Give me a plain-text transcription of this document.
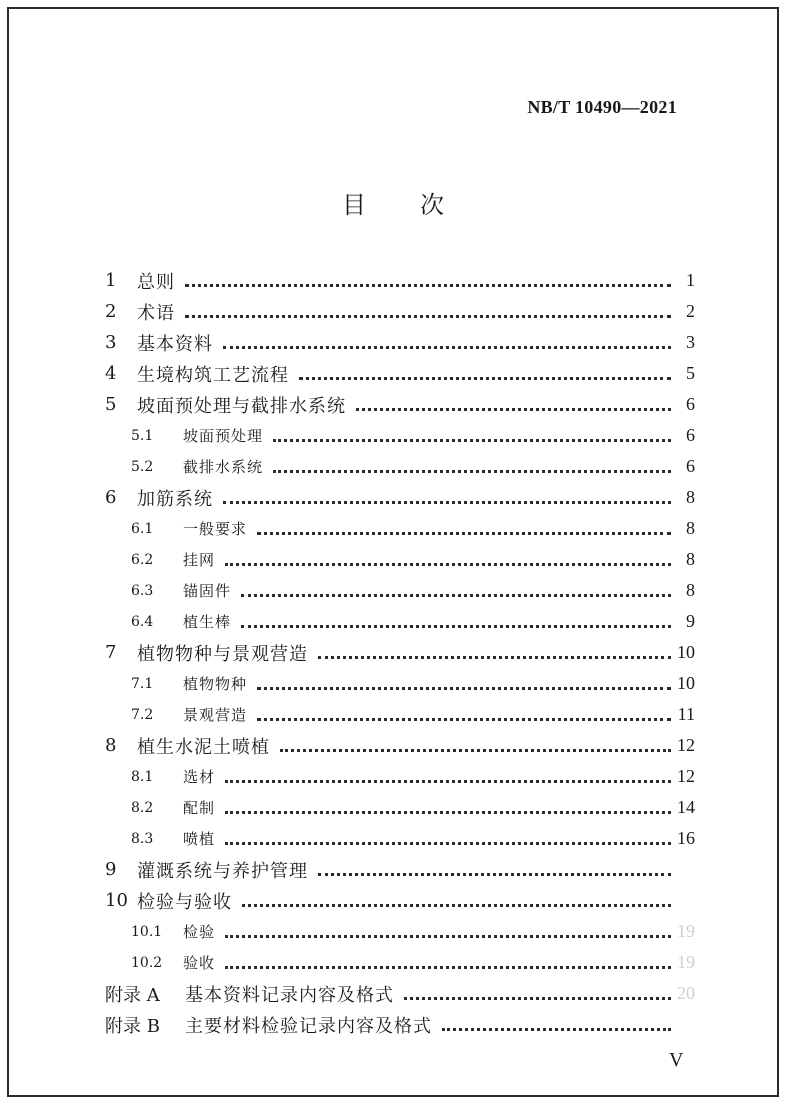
NB/T 10490—2021
目 次
1	总则	1
2	术语	2
3	基本资料	3
4	生境构筑工艺流程	5
5	坡面预处理与截排水系统	6
5.1	坡面预处理	6
5.2	截排水系统	6
6	加筋系统	8
6.1	一般要求	8
6.2	挂网	8
6.3	锚固件	8
6.4	植生棒	9
7	植物物种与景观营造	10
7.1	植物物种	10
7.2	景观营造	11
8	植生水泥土喷植	12
8.1	选材	12
8.2	配制	14
8.3	喷植	16
9	灌溉系统与养护管理
10 检验与验收
10.1	检验	19
10.2	验收	19
附录 A	基本资料记录内容及格式	20
附录 B	主要材料检验记录内容及格式
V
